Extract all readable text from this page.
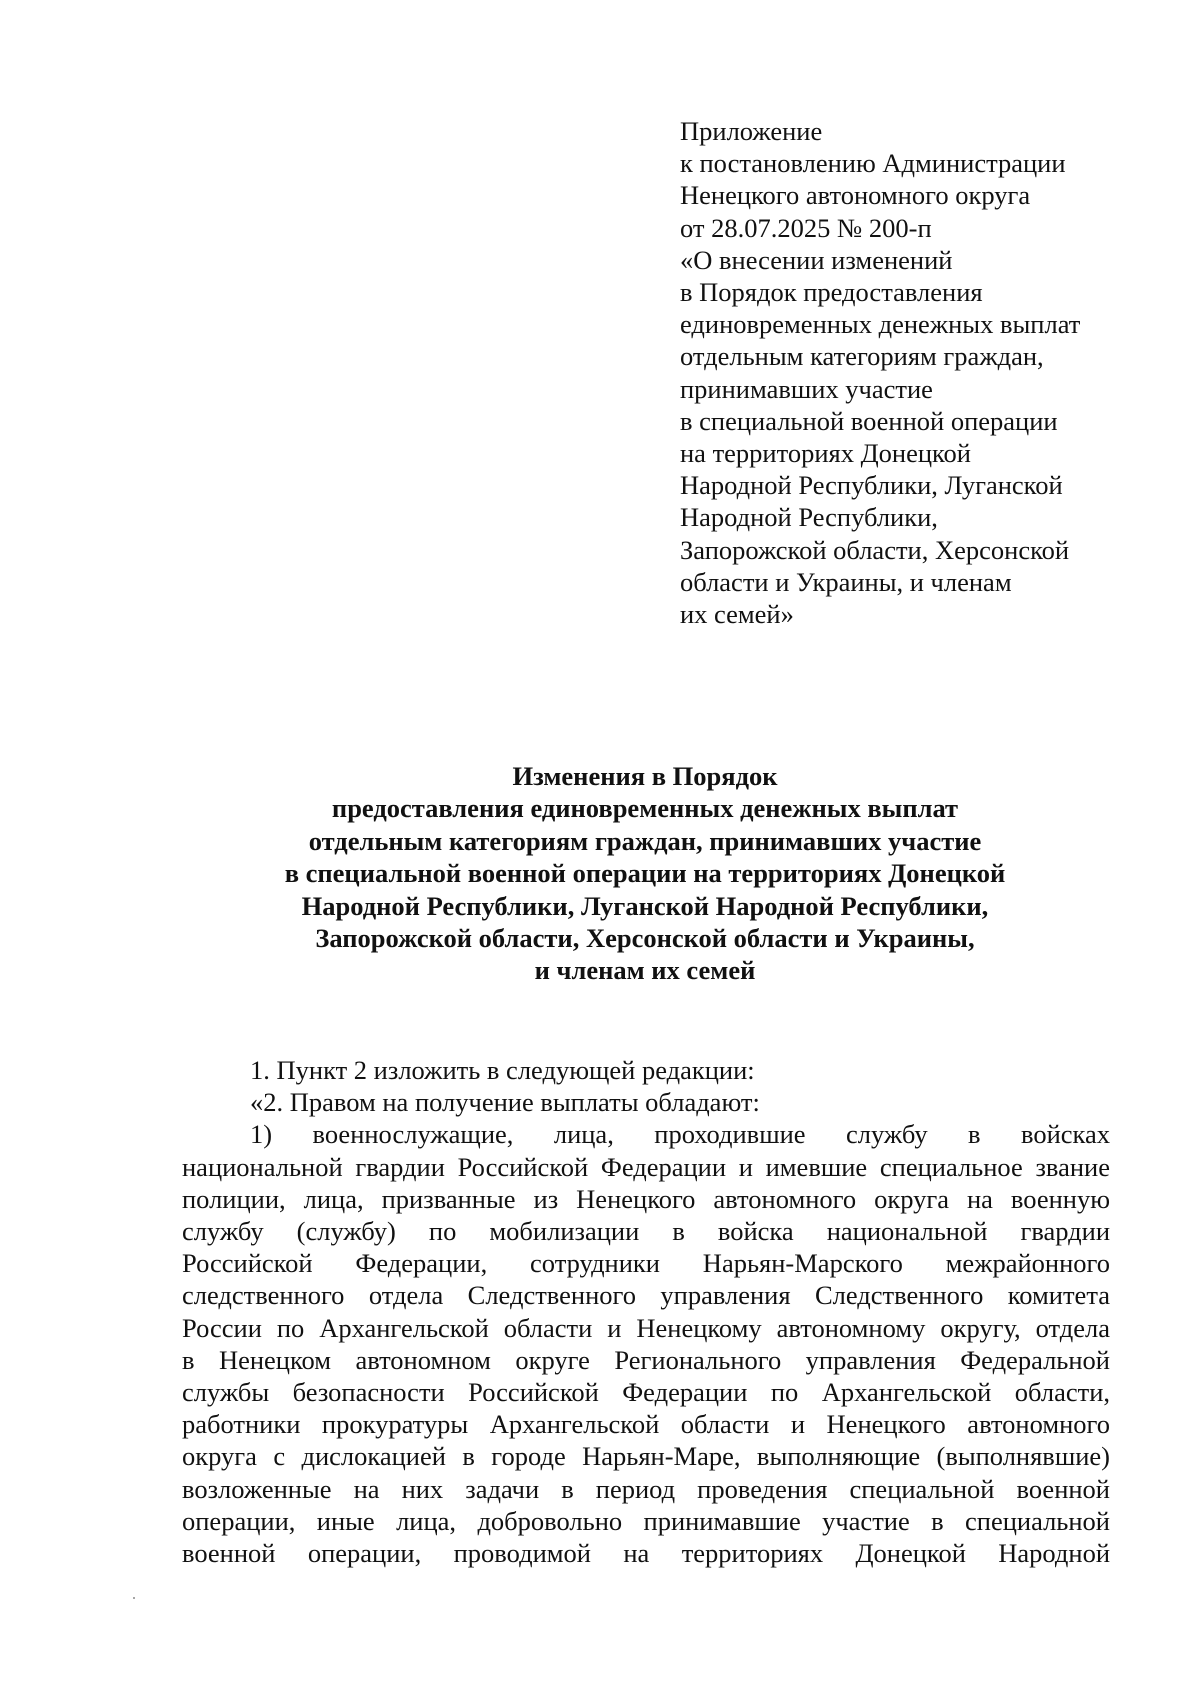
Приложение
к постановлению Администрации
Ненецкого автономного округа
от 28.07.2025 № 200-п
«О внесении изменений
в Порядок предоставления
единовременных денежных выплат
отдельным категориям граждан,
принимавших участие
в специальной военной операции
на территориях Донецкой
Народной Республики, Луганской
Народной Республики,
Запорожской области, Херсонской
области и Украины, и членам
их семей»
Изменения в Порядок
предоставления единовременных денежных выплат
отдельным категориям граждан, принимавших участие
в специальной военной операции на территориях Донецкой
Народной Республики, Луганской Народной Республики,
Запорожской области, Херсонской области и Украины,
и членам их семей
1. Пункт 2 изложить в следующей редакции:
«2. Правом на получение выплаты обладают:
1) военнослужащие, лица, проходившие службу в войсках
национальной гвардии Российской Федерации и имевшие специальное звание
полиции, лица, призванные из Ненецкого автономного округа на военную
службу (службу) по мобилизации в войска национальной гвардии
Российской Федерации, сотрудники Нарьян-Марского межрайонного
следственного отдела Следственного управления Следственного комитета
России по Архангельской области и Ненецкому автономному округу, отдела
в Ненецком автономном округе Регионального управления Федеральной
службы безопасности Российской Федерации по Архангельской области,
работники прокуратуры Архангельской области и Ненецкого автономного
округа с дислокацией в городе Нарьян-Маре, выполняющие (выполнявшие)
возложенные на них задачи в период проведения специальной военной
операции, иные лица, добровольно принимавшие участие в специальной
военной операции, проводимой на территориях Донецкой Народной
